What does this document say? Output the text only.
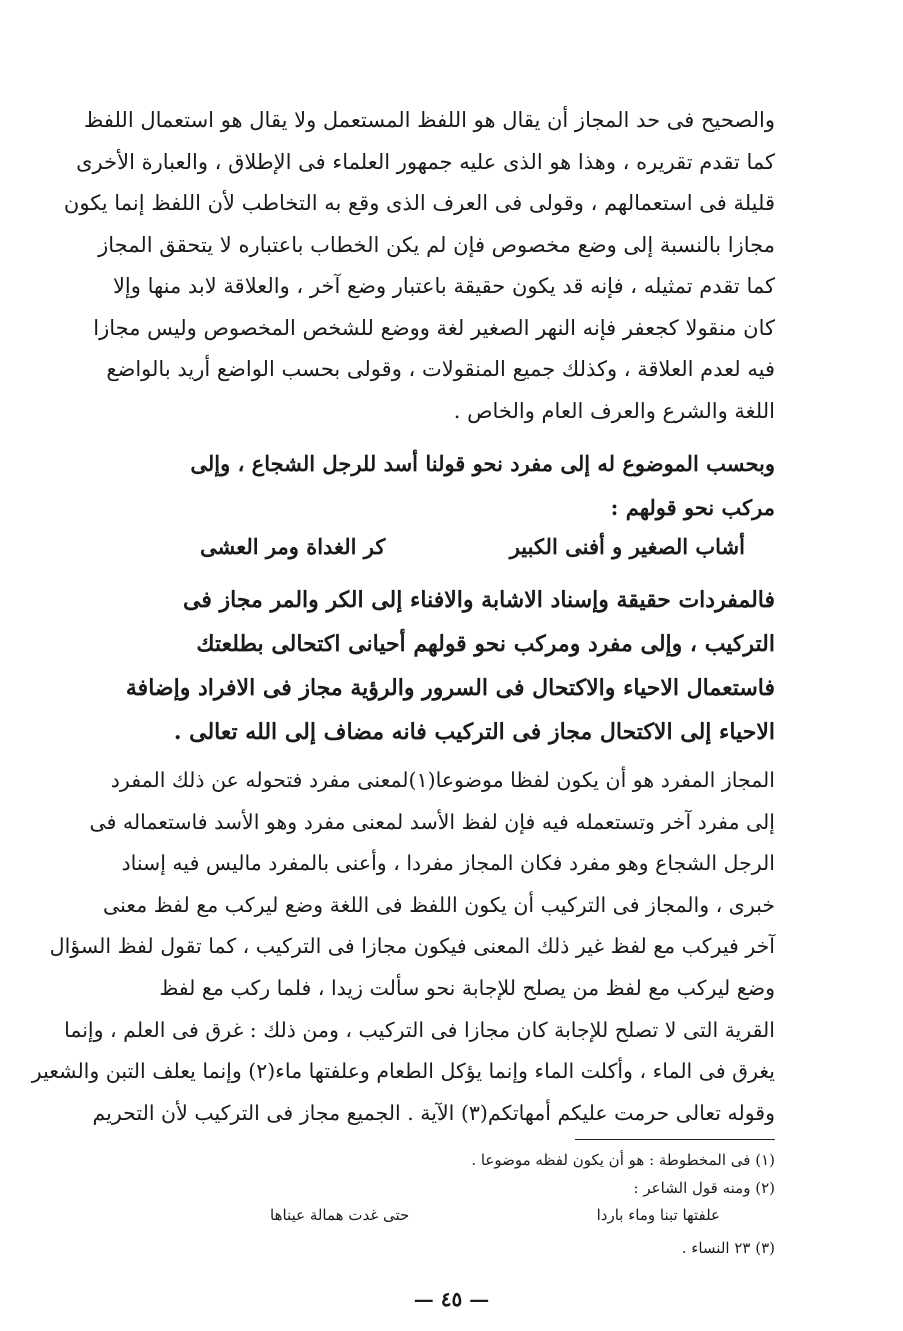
والصحيح فى حد المجاز أن يقال هو اللفظ المستعمل ولا يقال هو استعمال اللفظ
كما تقدم تقريره ، وهذا هو الذى عليه جمهور العلماء فى الإطلاق ، والعبارة الأخرى
قليلة فى استعمالهم ، وقولى فى العرف الذى وقع به التخاطب لأن اللفظ إنما يكون
مجازا بالنسبة إلى وضع مخصوص فإن لم يكن الخطاب باعتباره لا يتحقق المجاز
كما تقدم تمثيله ، فإنه قد يكون حقيقة باعتبار وضع آخر ، والعلاقة لابد منها وإلا
كان منقولا كجعفر فإنه النهر الصغير لغة ووضع للشخص المخصوص وليس مجازا
فيه لعدم العلاقة ، وكذلك جميع المنقولات ، وقولى بحسب الواضع أريد بالواضع
اللغة والشرع والعرف العام والخاص .
وبحسب الموضوع له إلى مفرد نحو قولنا أسد للرجل الشجاع ، وإلى
مركب نحو قولهم :
أشاب الصغير و أفنى الكبير
كر الغداة ومر العشى
فالمفردات حقيقة وإسناد الاشابة والافناء إلى الكر والمر مجاز فى
التركيب ، وإلى مفرد ومركب نحو قولهم أحيانى اكتحالى بطلعتك
فاستعمال الاحياء والاكتحال فى السرور والرؤية مجاز فى الافراد وإضافة
الاحياء إلى الاكتحال مجاز فى التركيب فانه مضاف إلى الله تعالى .
المجاز المفرد هو أن يكون لفظا موضوعا(١)لمعنى مفرد فتحوله عن ذلك المفرد
إلى مفرد آخر وتستعمله فيه فإن لفظ الأسد لمعنى مفرد وهو الأسد فاستعماله فى
الرجل الشجاع وهو مفرد فكان المجاز مفردا ، وأعنى بالمفرد ماليس فيه إسناد
خبرى ، والمجاز فى التركيب أن يكون اللفظ فى اللغة وضع ليركب مع لفظ معنى
آخر فيركب مع لفظ غير ذلك المعنى فيكون مجازا فى التركيب ، كما تقول لفظ السؤال
وضع ليركب مع لفظ من يصلح للإجابة نحو سألت زيدا ، فلما ركب مع لفظ
القرية التى لا تصلح للإجابة كان مجازا فى التركيب ، ومن ذلك : غرق فى العلم ، وإنما
يغرق فى الماء ، وأكلت الماء وإنما يؤكل الطعام وعلفتها ماء(٢) وإنما يعلف التبن والشعير
وقوله تعالى حرمت عليكم أمهاتكم(٣) الآية . الجميع مجاز فى التركيب لأن التحريم
(١) فى المخطوطة : هو أن يكون لفظه موضوعا .
(٢) ومنه قول الشاعر :
علفتها تبنا وماء باردا
حتى غدت همالة عيناها
(٣) ٢٣ النساء .
— ٤٥ —
